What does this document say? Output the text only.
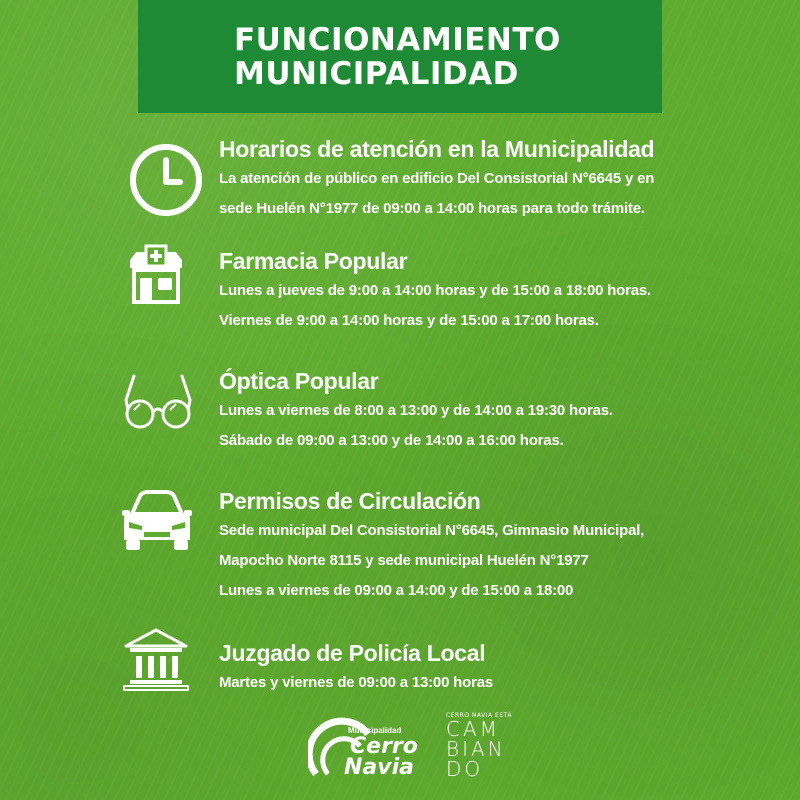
FUNCIONAMIENTO
MUNICIPALIDAD
Horarios de atención en la Municipalidad
La atención de público en edificio Del Consistorial N°6645 y en
sede Huelén N°1977 de 09:00 a 14:00 horas para todo trámite.
Farmacia Popular
Lunes a jueves de 9:00 a 14:00 horas y de 15:00 a 18:00 horas.
Viernes de 9:00 a 14:00 horas y de 15:00 a 17:00 horas.
Óptica Popular
Lunes a viernes de 8:00 a 13:00 y de 14:00 a 19:30 horas.
Sábado de 09:00 a 13:00 y de 14:00 a 16:00 horas.
Permisos de Circulación
Sede municipal Del Consistorial N°6645, Gimnasio Municipal,
Mapocho Norte 8115 y sede municipal Huelén N°1977
Lunes a viernes de 09:00 a 14:00 y de 15:00 a 18:00
Juzgado de Policía Local
Martes y viernes de 09:00 a 13:00 horas
Municipalidad
Cerro
Navia
CERRO NAVIA ESTÁ
CAM
BIAN
DO
